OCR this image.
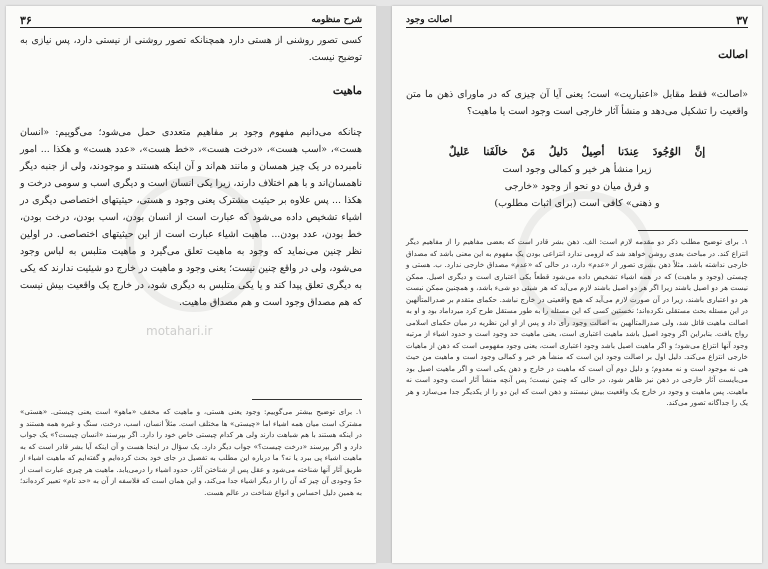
۳۶	شرح منظومه
motahari.ir
کسی تصور روشنی از هستی دارد همچنانکه تصور روشنی از نیستی دارد، پس نیازی به توضیح نیست.
ماهیت
چنانکه می‌دانیم مفهوم وجود بر مفاهیم متعددی حمل می‌شود؛ می‌گوییم: «انسان هست»، «اسب هست»، «درخت هست»، «خط هست»، «عدد هست» و هکذا ... امور نامبرده در یک چیز همسان و مانند هم‌اند و آن اینکه هستند و موجودند، ولی از جنبه دیگر ناهمسان‌اند و با هم اختلاف دارند، زیرا یکی انسان است و دیگری اسب و سومی درخت و هکذا ... پس علاوه بر حیثیت مشترک یعنی وجود و هستی، حیثیتهای اختصاصی دیگری در اشیاء تشخیص داده می‌شود که عبارت است از انسان بودن، اسب بودن، درخت بودن، خط بودن، عدد بودن... ماهیت اشیاء عبارت است از این حیثیتهای اختصاصی. در اولین نظر چنین می‌نماید که وجود به ماهیت تعلق می‌گیرد و ماهیت متلبس به لباس وجود می‌شود، ولی در واقع چنین نیست؛ یعنی وجود و ماهیت در خارج دو شیئیت ندارند که یکی به دیگری تعلق پیدا کند و یا یکی متلبس به دیگری شود، در خارج یک واقعیت بیش نیست که هم مصداق وجود است و هم مصداق ماهیت.
۱. برای توضیح بیشتر می‌گوییم: وجود یعنی هستی، و ماهیت که مخفف «ماهو» است یعنی چیستی. «هستی» مشترک است میان همه اشیاء اما «چیستی» ها مختلف است. مثلاً انسان، اسب، درخت، سنگ و غیره همه هستند و در اینکه هستند با هم شباهت دارند ولی هر کدام چیستی خاص خود را دارد. اگر بپرسند «انسان چیست؟» یک جواب دارد و اگر بپرسند «درخت چیست؟» جواب دیگر دارد. یک سؤال در اینجا هست و آن اینکه آیا بشر قادر است که به ماهیت اشیاء پی ببرد یا نه؟ ما درباره این مطلب به تفصیل در جای خود بحث کرده‌ایم و گفته‌ایم که ماهیت اشیاء از طریق آثار آنها شناخته می‌شود و عقل پس از شناختن آثار، حدود اشیاء را درمی‌یابد. ماهیت هر چیزی عبارت است از حدّ وجودی آن چیز که آن را از دیگر اشیاء جدا می‌کند، و این همان است که فلاسفه از آن به «حد تام» تعبیر کرده‌اند؛ به همین دلیل احساس و انواع شناخت در عالم هست.
اصالت وجود	۳۷
اصالت
«اصالت» فقط مقابل «اعتباریت» است؛ یعنی آیا آن چیزی که در ماورای ذهن ما متن واقعیت را تشکیل می‌دهد و منشأ آثار خارجی است وجود است یا ماهیت؟
إنَّ الوُجُودَ عِندَنا أصِیلٌ دَلیلُ مَنْ خالَفَنا عَلیلٌ
زیرا منشأ هر خیر و کمالی وجود است
و فرق میان دو نحو از وجود «خارجی
و ذهنی» کافی است (برای اثبات مطلوب)
۱. برای توضیح مطلب ذکر دو مقدمه لازم است: الف. ذهن بشر قادر است که بعضی مفاهیم را از مفاهیم دیگر انتزاع کند. در مباحث بعدی روشن خواهد شد که لزومی ندارد انتزاعی بودن یک مفهوم به این معنی باشد که مصداق خارجی نداشته باشد. مثلاً ذهن بشری تصور از «عدم» دارد، در حالی که «عدم» مصداق خارجی ندارد. ب. هستی و چیستی (وجود و ماهیت) که در همه اشیاء تشخیص داده می‌شود قطعاً یکی اعتباری است و دیگری اصیل. ممکن نیست هر دو اصیل باشند زیرا اگر هر دو اصیل باشند لازم می‌آید که هر شیئی دو شیء باشد، و همچنین ممکن نیست هر دو اعتباری باشند، زیرا در آن صورت لازم می‌آید که هیچ واقعیتی در خارج نباشد. حکمای متقدم بر صدرالمتألهین در این مسئله بحث مستقلی نکرده‌اند؛ نخستین کسی که این مسئله را به طور مستقل طرح کرد میرداماد بود و او به اصالت ماهیت قائل شد، ولی صدرالمتألهین به اصالت وجود رأی داد و پس از او این نظریه در میان حکمای اسلامی رواج یافت. بنابراین اگر وجود اصیل باشد ماهیت اعتباری است، یعنی ماهیت حد وجود است و حدود اشیاء از مرتبه وجود آنها انتزاع می‌شود؛ و اگر ماهیت اصیل باشد وجود اعتباری است، یعنی وجود مفهومی است که ذهن از ماهیات خارجی انتزاع می‌کند. دلیل اول بر اصالت وجود این است که منشأ هر خیر و کمالی وجود است و ماهیت من حیث هی نه موجود است و نه معدوم؛ و دلیل دوم آن است که ماهیت در خارج و ذهن یکی است و اگر ماهیت اصیل بود می‌بایست آثار خارجی در ذهن نیز ظاهر شود، در حالی که چنین نیست؛ پس آنچه منشأ آثار است وجود است نه ماهیت. پس ماهیت و وجود در خارج یک واقعیت بیش نیستند و ذهن است که این دو را از یکدیگر جدا می‌سازد و هر یک را جداگانه تصور می‌کند.
